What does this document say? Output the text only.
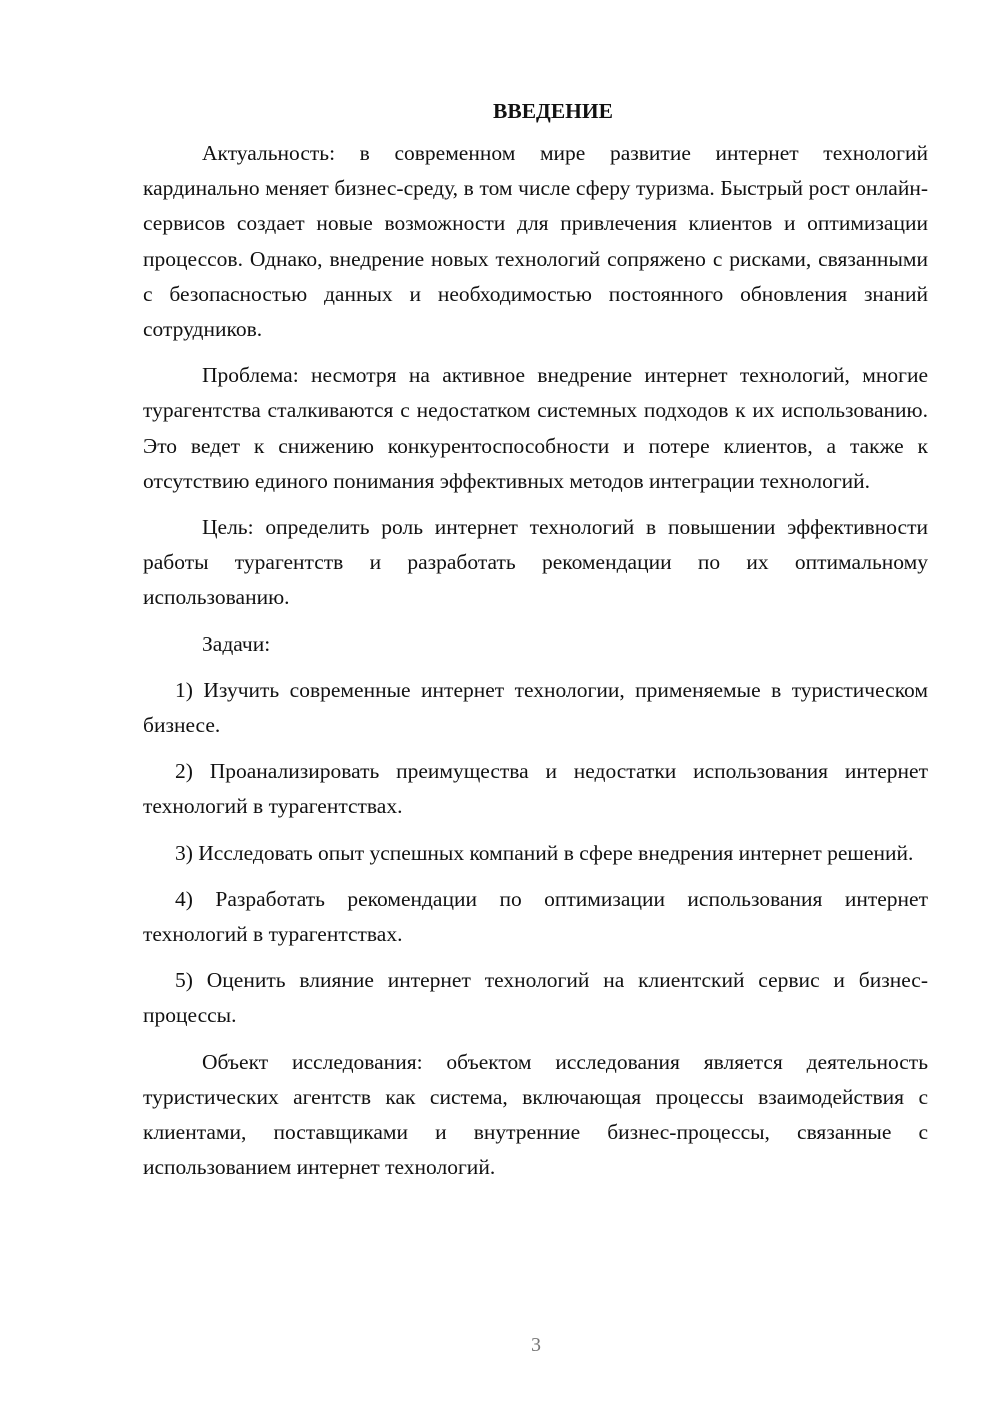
ВВЕДЕНИЕ

Актуальность: в современном мире развитие интернет технологий кардинально меняет бизнес-среду, в том числе сферу туризма. Быстрый рост онлайн-сервисов создает новые возможности для привлечения клиентов и оптимизации процессов. Однако, внедрение новых технологий сопряжено с рисками, связанными с безопасностью данных и необходимостью постоянного обновления знаний сотрудников.

Проблема: несмотря на активное внедрение интернет технологий, многие турагентства сталкиваются с недостатком системных подходов к их использованию. Это ведет к снижению конкурентоспособности и потере клиентов, а также к отсутствию единого понимания эффективных методов интеграции технологий.

Цель: определить роль интернет технологий в повышении эффективности работы турагентств и разработать рекомендации по их оптимальному использованию.

Задачи:

1) Изучить современные интернет технологии, применяемые в туристическом бизнесе.

2) Проанализировать преимущества и недостатки использования интернет технологий в турагентствах.

3) Исследовать опыт успешных компаний в сфере внедрения интернет решений.

4) Разработать рекомендации по оптимизации использования интернет технологий в турагентствах.

5) Оценить влияние интернет технологий на клиентский сервис и бизнес-процессы.

Объект исследования: объектом исследования является деятельность туристических агентств как система, включающая процессы взаимодействия с клиентами, поставщиками и внутренние бизнес-процессы, связанные с использованием интернет технологий.

3
